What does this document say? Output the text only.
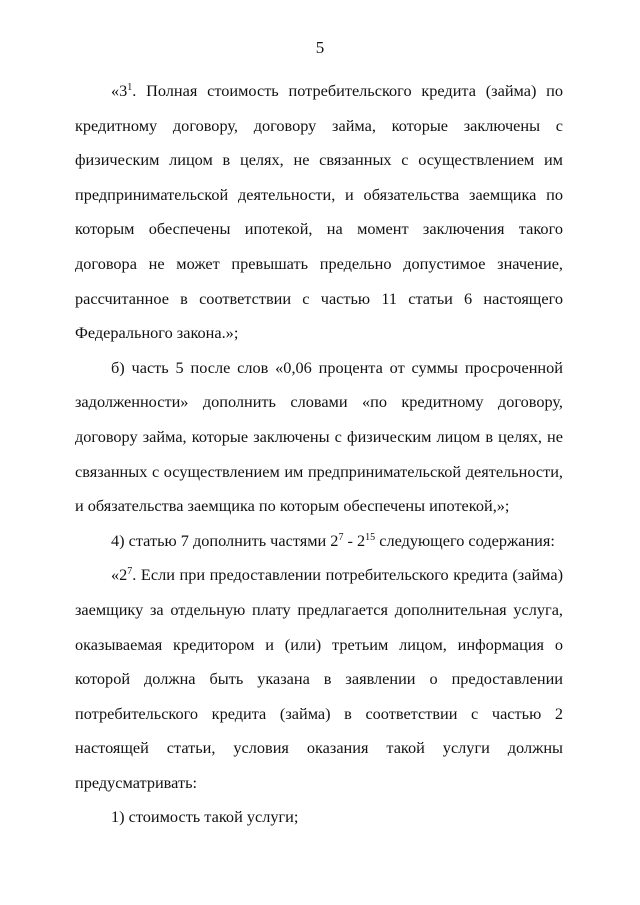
5

«$3^1$. Полная стоимость потребительского кредита (займа) по кредитному договору, договору займа, которые заключены с физическим лицом в целях, не связанных с осуществлением им предпринимательской деятельности, и обязательства заемщика по которым обеспечены ипотекой, на момент заключения такого договора не может превышать предельно допустимое значение, рассчитанное в соответствии с частью 11 статьи 6 настоящего Федерального закона.»;

б) часть 5 после слов «0,06 процента от суммы просроченной задолженности» дополнить словами «по кредитному договору, договору займа, которые заключены с физическим лицом в целях, не связанных с осуществлением им предпринимательской деятельности, и обязательства заемщика по которым обеспечены ипотекой,»;

4) статью 7 дополнить частями $2^7 - 2^{15}$ следующего содержания:

«$2^7$. Если при предоставлении потребительского кредита (займа) заемщику за отдельную плату предлагается дополнительная услуга, оказываемая кредитором и (или) третьим лицом, информация о которой должна быть указана в заявлении о предоставлении потребительского кредита (займа) в соответствии с частью 2 настоящей статьи, условия оказания такой услуги должны предусматривать:

1) стоимость такой услуги;
